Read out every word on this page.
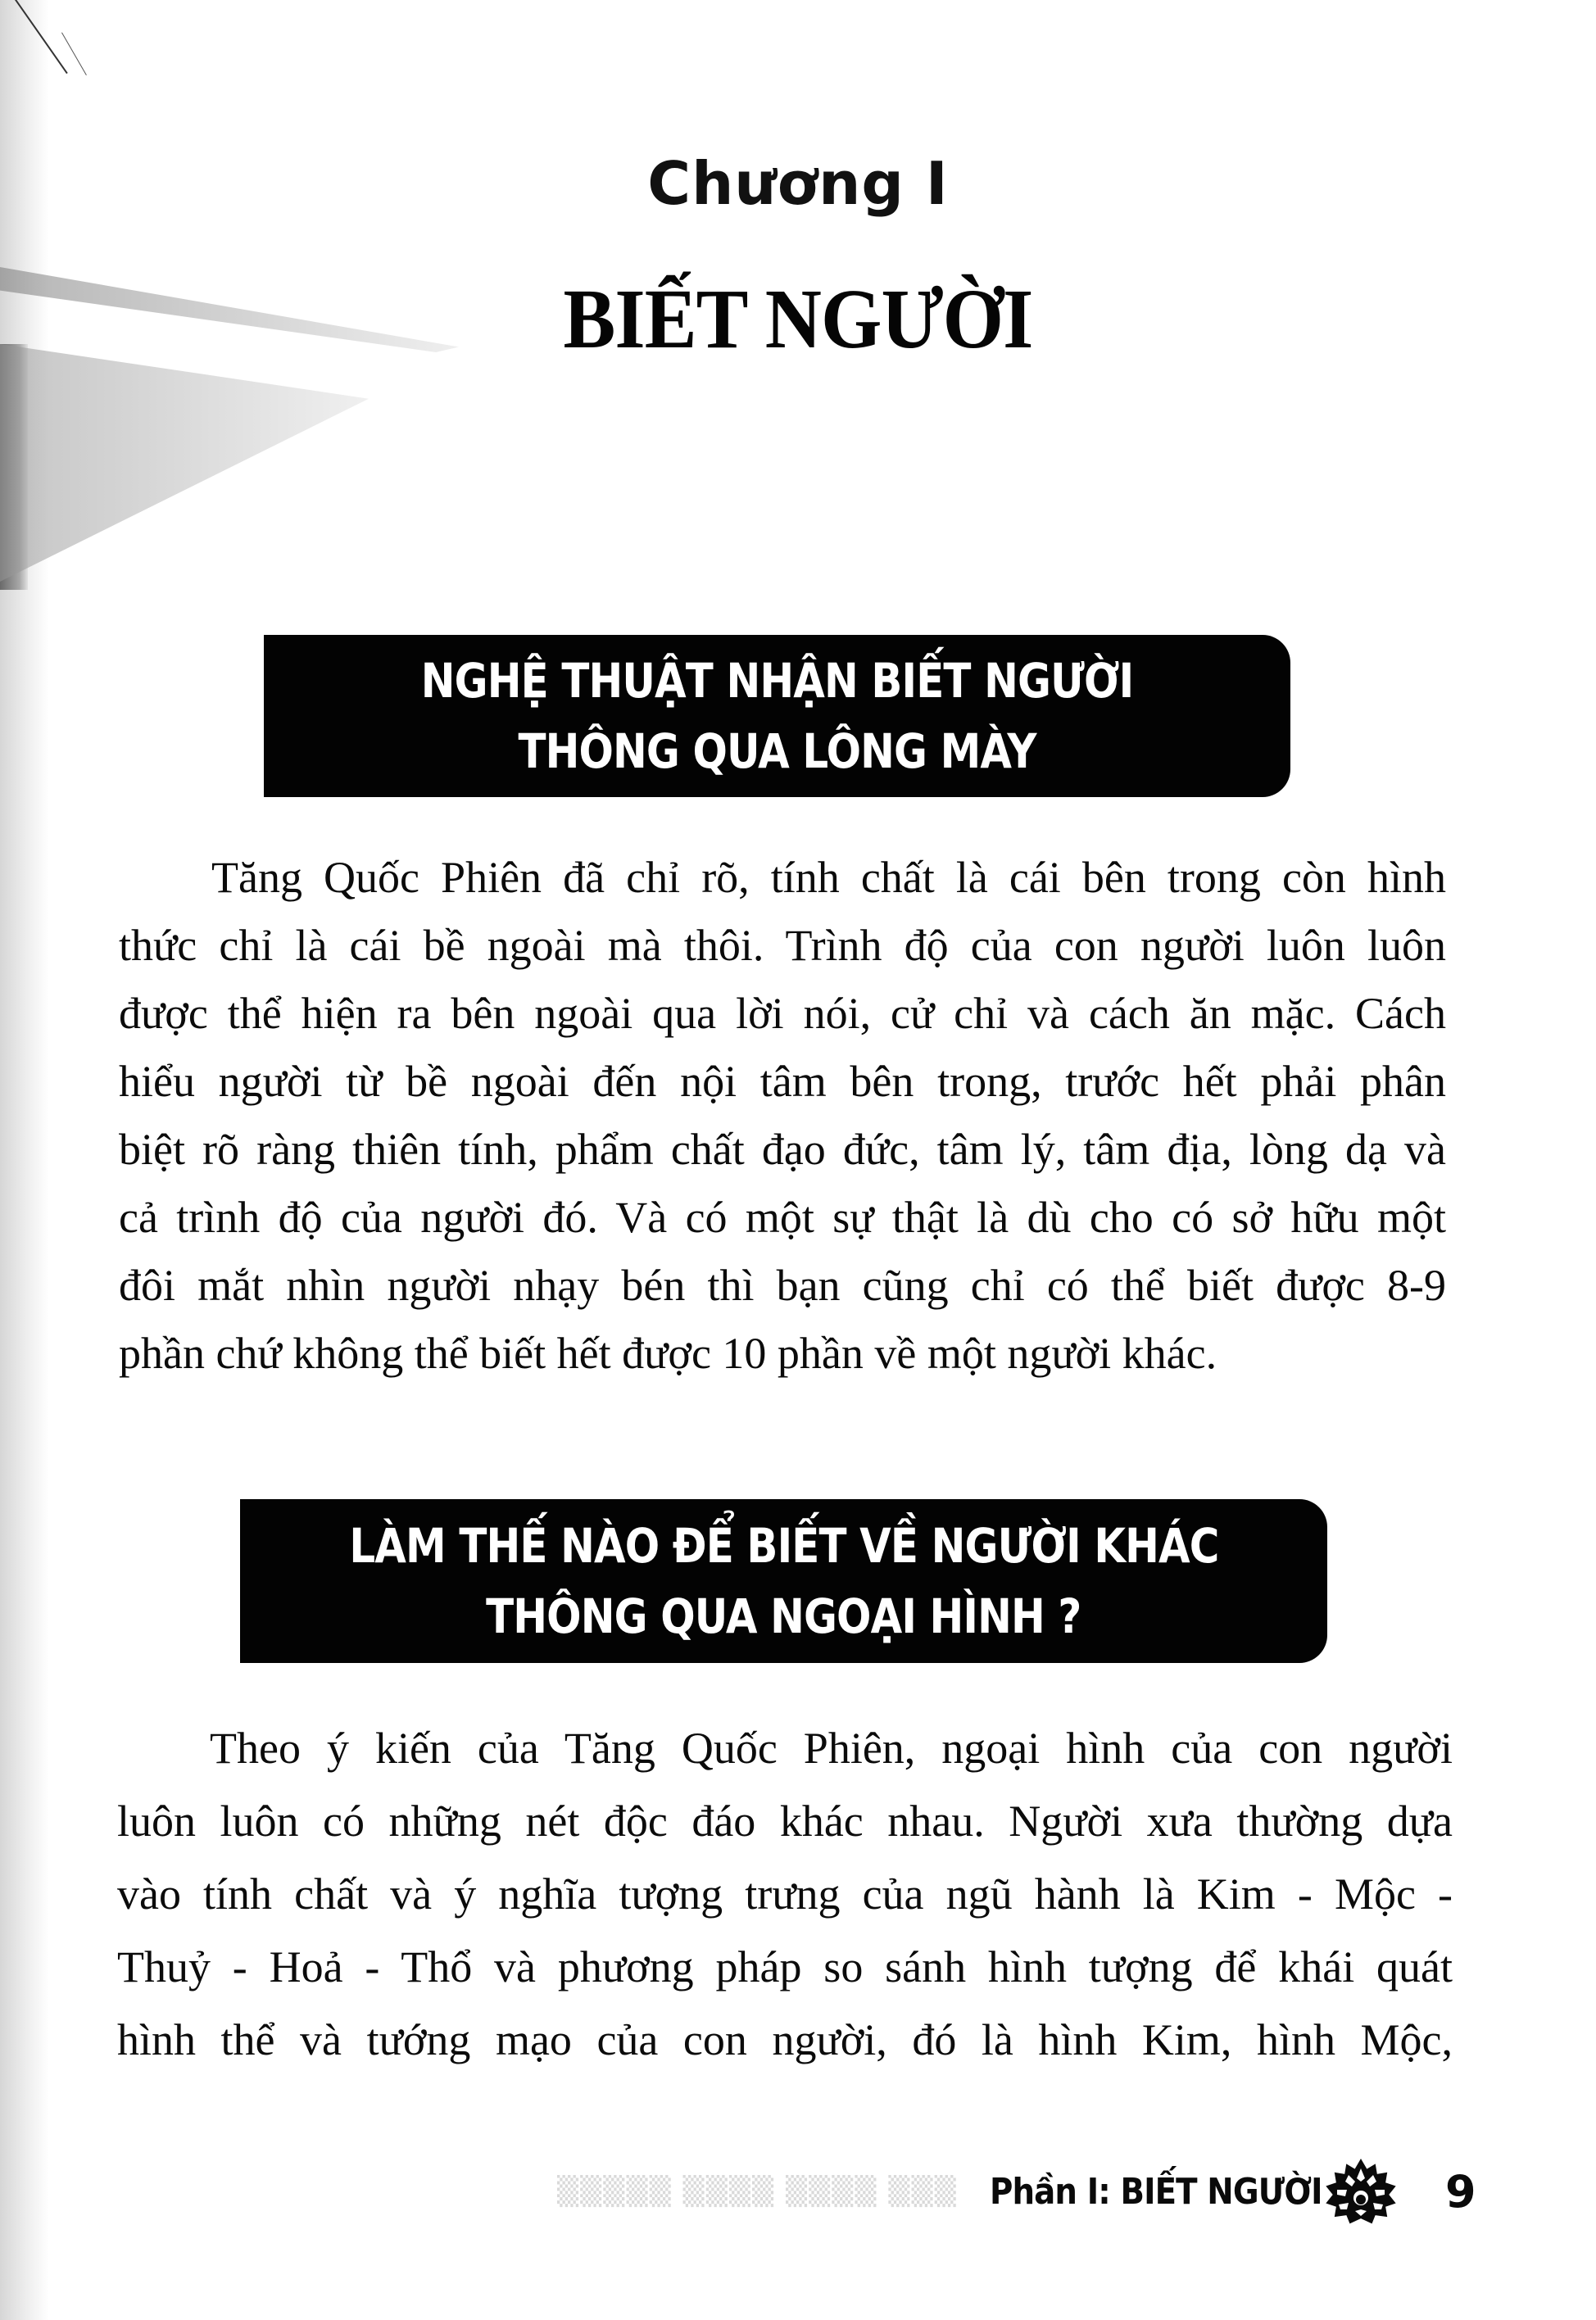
Chương I
BIẾT NGƯỜI
NGHỆ THUẬT NHẬN BIẾT NGƯỜI
THÔNG QUA LÔNG MÀY
Tăng Quốc Phiên đã chỉ rõ, tính chất là cái bên trong còn hình
thức chỉ là cái bề ngoài mà thôi. Trình độ của con người luôn luôn
được thể hiện ra bên ngoài qua lời nói, cử chỉ và cách ăn mặc. Cách
hiểu người từ bề ngoài đến nội tâm bên trong, trước hết phải phân
biệt rõ ràng thiên tính, phẩm chất đạo đức, tâm lý, tâm địa, lòng dạ và
cả trình độ của người đó. Và có một sự thật là dù cho có sở hữu một
đôi mắt nhìn người nhạy bén thì bạn cũng chỉ có thể biết được 8-9
phần chứ không thể biết hết được 10 phần về một người khác.
LÀM THẾ NÀO ĐỂ BIẾT VỀ NGƯỜI KHÁC
THÔNG QUA NGOẠI HÌNH ?
Theo ý kiến của Tăng Quốc Phiên, ngoại hình của con người
luôn luôn có những nét độc đáo khác nhau. Người xưa thường dựa
vào tính chất và ý nghĩa tượng trưng của ngũ hành là Kim - Mộc -
Thuỷ - Hoả - Thổ và phương pháp so sánh hình tượng để khái quát
hình thể và tướng mạo của con người, đó là hình Kim, hình Mộc,
▒▒▒▒▒ ▒▒▒▒ ▒▒▒▒ ▒▒▒ Phần I: BIẾT NGƯỜI	9
